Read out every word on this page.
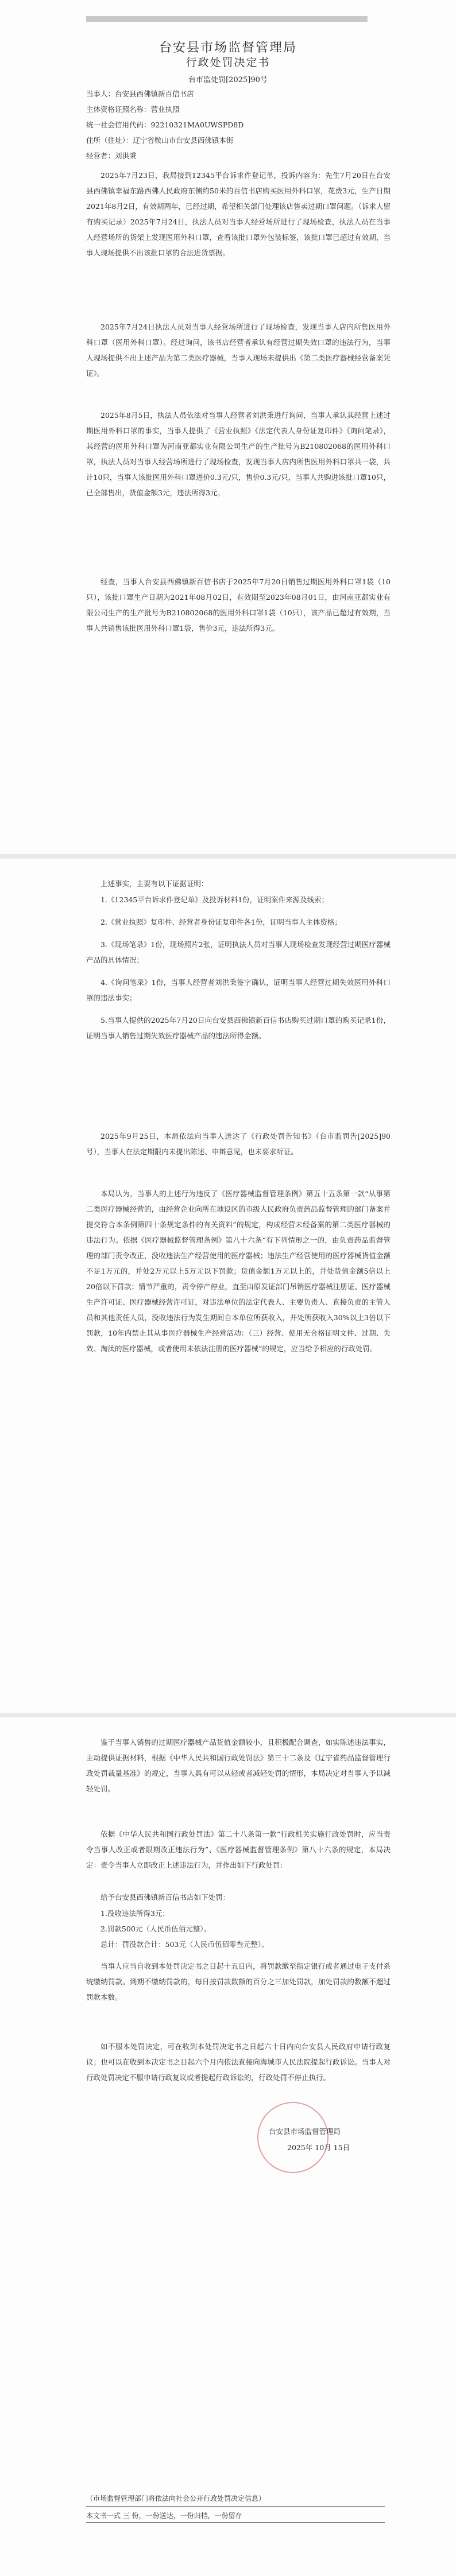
台安县市场监督管理局
行政处罚决定书
台市监处罚[2025]90号
当事人：台安县西佛镇新百信书店
主体资格证照名称：营业执照
统一社会信用代码：92210321MA0UWSPD8D
住所（住址）：辽宁省鞍山市台安县西佛镇本街
经营者：刘洪秉
2025年7月23日，我局接到12345平台诉求件登记单，投诉内容为：先生7月20日在台安县西佛镇幸福东路西佛人民政府东侧约50米的百信书店购买医用外科口罩，花费3元，生产日期2021年8月2日，有效期两年，已经过期，希望相关部门处理该店售卖过期口罩问题。（诉求人留有购买记录）2025年7月24日，执法人员对当事人经营场所进行了现场检查，执法人员在当事人经营场所的货架上发现医用外科口罩，查看该批口罩外包装标签，该批口罩已超过有效期，当事人现场提供不出该批口罩的合法进货票据。
2025年7月24日执法人员对当事人经营场所进行了现场检查，发现当事人店内所售医用外科口罩（医用外科口罩）。经过询问，该书店经营者承认有经营过期失效口罩的违法行为，当事人现场提供不出上述产品为第二类医疗器械，当事人现场未提供出《第二类医疗器械经营备案凭证》。
2025年8月5日，执法人员依法对当事人经营者刘洪秉进行询问，当事人承认其经营上述过期医用外科口罩的事实，当事人提供了《营业执照》《法定代表人身份证复印件》《询问笔录》，其经营的医用外科口罩为河南亚都实业有限公司生产的生产批号为B210802068的医用外科口罩，执法人员对当事人经营场所进行了现场检查，发现当事人店内所售医用外科口罩共一袋，共计10只，当事人该批医用外科口罩进价0.3元/只，售价0.3元/只，当事人共购进该批口罩10只，已全部售出，货值金额3元，违法所得3元。
经查，当事人台安县西佛镇新百信书店于2025年7月20日销售过期医用外科口罩1袋（10只），该批口罩生产日期为2021年08月02日，有效期至2023年08月01日，由河南亚都实业有限公司生产的生产批号为B210802068的医用外科口罩1袋（10只），该产品已超过有效期，当事人共销售该批医用外科口罩1袋，售价3元，违法所得3元。
上述事实，主要有以下证据证明：
1.《12345平台诉求件登记单》及投诉材料1份，证明案件来源及线索；
2.《营业执照》复印件、经营者身份证复印件各1份，证明当事人主体资格；
3.《现场笔录》1份，现场照片2张，证明执法人员对当事人现场检查发现经营过期医疗器械产品的具体情况；
4.《询问笔录》1份，当事人经营者刘洪秉签字确认，证明当事人经营过期失效医用外科口罩的违法事实；
5.当事人提供的2025年7月20日向台安县西佛镇新百信书店购买过期口罩的购买记录1份，证明当事人销售过期失效医疗器械产品的违法所得金额。
2025年9月25日，本局依法向当事人送达了《行政处罚告知书》（台市监罚告[2025]90号），当事人在法定期限内未提出陈述、申辩意见，也未要求听证。
本局认为，当事人的上述行为违反了《医疗器械监督管理条例》第五十五条第一款“从事第二类医疗器械经营的，由经营企业向所在地设区的市级人民政府负责药品监督管理的部门备案并提交符合本条例第四十条规定条件的有关资料”的规定，构成经营未经备案的第二类医疗器械的违法行为。依据《医疗器械监督管理条例》第八十六条“有下列情形之一的，由负责药品监督管理的部门责令改正，没收违法生产经营使用的医疗器械；违法生产经营使用的医疗器械货值金额不足1万元的，并处2万元以上5万元以下罚款；货值金额1万元以上的，并处货值金额5倍以上20倍以下罚款；情节严重的，责令停产停业，直至由原发证部门吊销医疗器械注册证、医疗器械生产许可证、医疗器械经营许可证，对违法单位的法定代表人、主要负责人、直接负责的主管人员和其他责任人员，没收违法行为发生期间自本单位所获收入，并处所获收入30%以上3倍以下罚款，10年内禁止其从事医疗器械生产经营活动：（三）经营、使用无合格证明文件、过期、失效、淘汰的医疗器械，或者使用未依法注册的医疗器械”的规定，应当给予相应的行政处罚。
鉴于当事人销售的过期医疗器械产品货值金额较小，且积极配合调查，如实陈述违法事实，主动提供证据材料，根据《中华人民共和国行政处罚法》第三十二条及《辽宁省药品监督管理行政处罚裁量基准》的规定，当事人具有可以从轻或者减轻处罚的情形，本局决定对当事人予以减轻处罚。
依据《中华人民共和国行政处罚法》第二十八条第一款“行政机关实施行政处罚时，应当责令当事人改正或者限期改正违法行为”、《医疗器械监督管理条例》第八十六条的规定，本局决定：责令当事人立即改正上述违法行为，并作出如下行政处罚：
给予台安县西佛镇新百信书店如下处罚：
1.没收违法所得3元；
2.罚款500元（人民币伍佰元整）。
总计：罚没款合计：503元（人民币伍佰零叁元整）。
当事人应当自收到本处罚决定书之日起十五日内，将罚款缴至指定银行或者通过电子支付系统缴纳罚款。到期不缴纳罚款的，每日按罚款数额的百分之三加处罚款，加处罚款的数额不超过罚款本数。
如不服本处罚决定，可在收到本处罚决定书之日起六十日内向台安县人民政府申请行政复议；也可以在收到本决定书之日起六个月内依法直接向海城市人民法院提起行政诉讼。当事人对行政处罚决定不服申请行政复议或者提起行政诉讼的，行政处罚不停止执行。
台安县市场监督管理局
2025年 10月 15日
（市场监督管理部门将依法向社会公开行政处罚决定信息）
本文书一式 三 份，一份送达，一份归档，一份留存
